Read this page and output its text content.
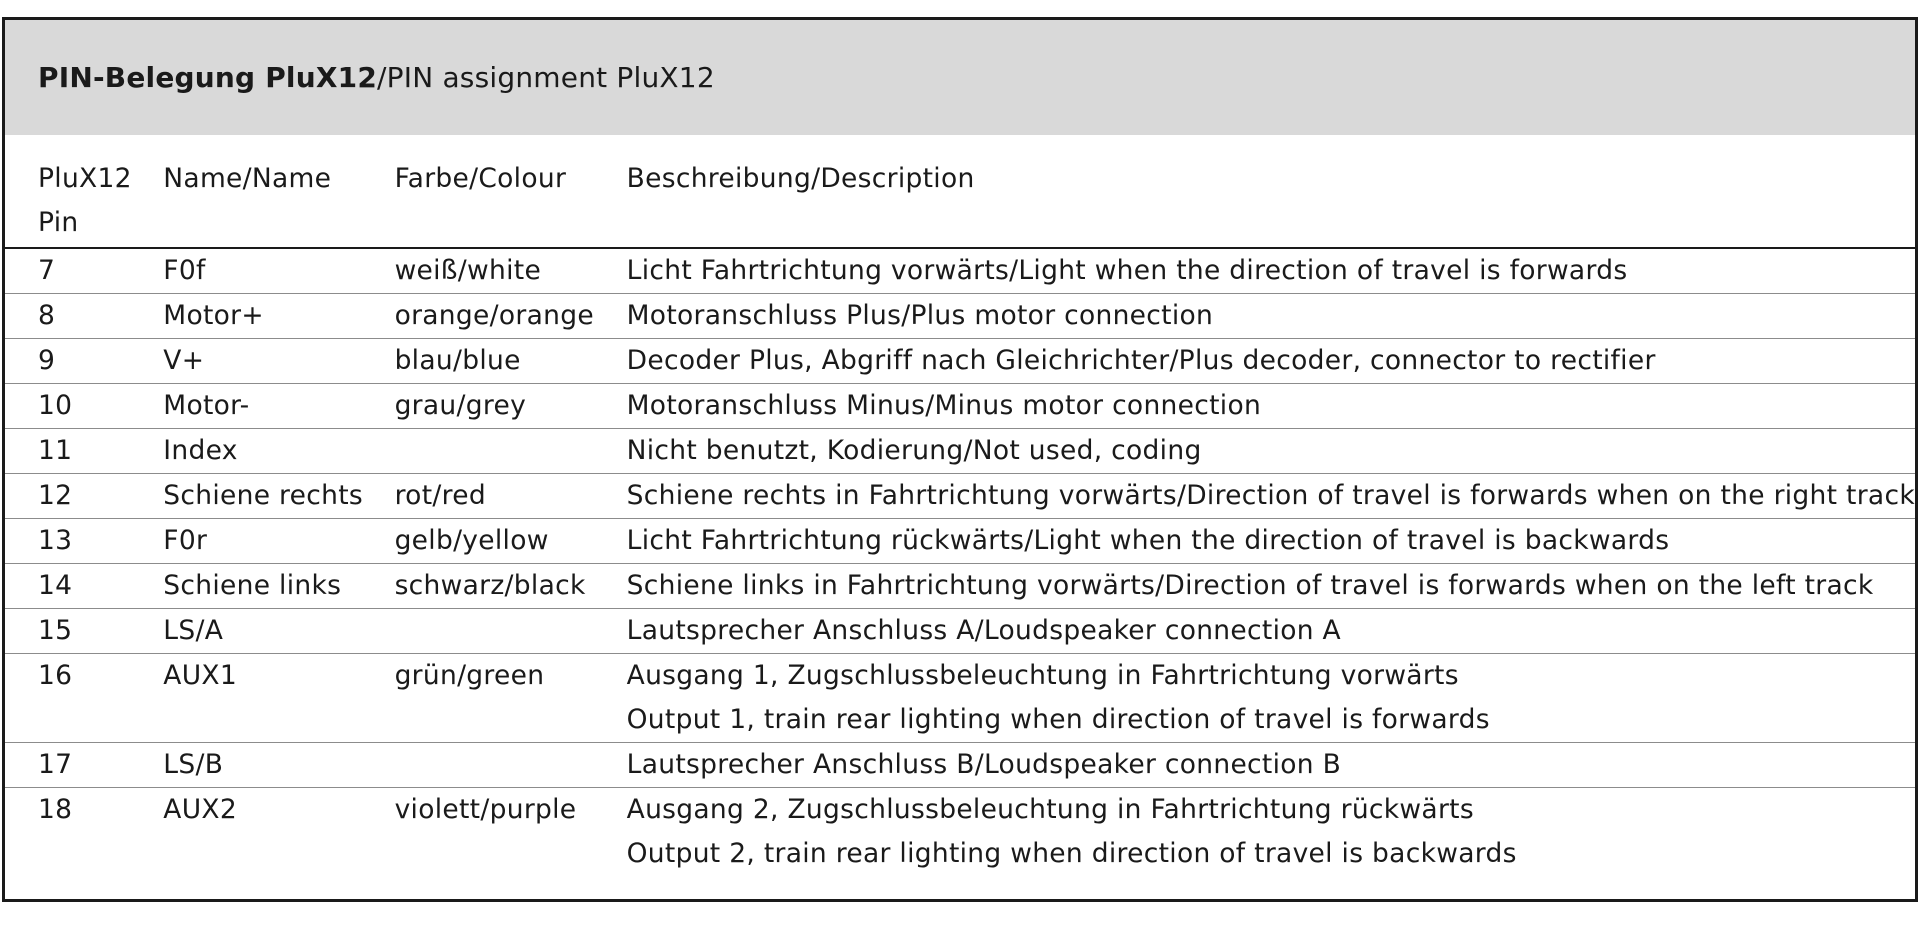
PIN-Belegung PluX12 /PIN assignment PluX12
PluX12
Pin	Name/Name	Farbe/Colour	Beschreibung/Description
7	F0f	weiß/white	Licht Fahrtrichtung vorwärts/Light when the direction of travel is forwards

8	Motor+	orange/orange	Motoranschluss Plus/Plus motor connection

9	V+	blau/blue	Decoder Plus, Abgriff nach Gleichrichter/Plus decoder, connector to rectifier

10	Motor-	grau/grey	Motoranschluss Minus/Minus motor connection

11	Index		Nicht benutzt, Kodierung/Not used, coding

12	Schiene rechts	rot/red	Schiene rechts in Fahrtrichtung vorwärts/Direction of travel is forwards when on the right track

13	F0r	gelb/yellow	Licht Fahrtrichtung rückwärts/Light when the direction of travel is backwards

14	Schiene links	schwarz/black	Schiene links in Fahrtrichtung vorwärts/Direction of travel is forwards when on the left track

15	LS/A		Lautsprecher Anschluss A/Loudspeaker connection A

16	AUX1	grün/green	Ausgang 1, Zugschlussbeleuchtung in Fahrtrichtung vorwärts
Output 1, train rear lighting when direction of travel is forwards

17	LS/B		Lautsprecher Anschluss B/Loudspeaker connection B

18	AUX2	violett/purple	Ausgang 2, Zugschlussbeleuchtung in Fahrtrichtung rückwärts
Output 2, train rear lighting when direction of travel is backwards
